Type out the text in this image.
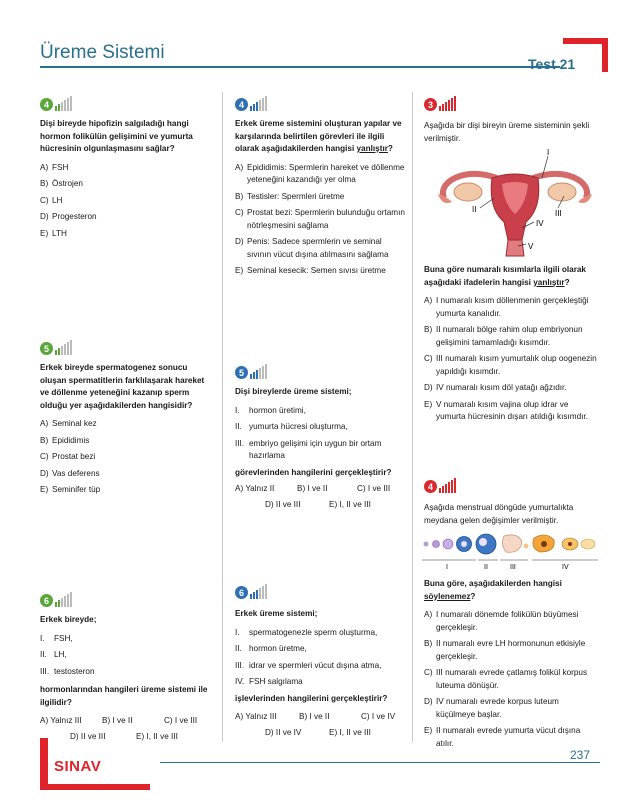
Üreme Sistemi
Test 21
4
Dişi bireyde hipofizin salgıladığı hangi hormon folikülün gelişimini ve yumurta hücresinin olgunlaşmasını sağlar?
A) FSH
B) Östrojen
C) LH
D) Progesteron
E) LTH
5
Erkek bireyde spermatogenez sonucu oluşan spermatitlerin farklılaşarak hareket ve döllenme yeteneğini kazanıp sperm olduğu yer aşağıdakilerden hangisidir?
A) Seminal kez
B) Epididimis
C) Prostat bezi
D) Vas deferens
E) Seminifer tüp
6
Erkek bireyde;
I.	FSH,
II. LH,
III. testosteron
hormonlarından hangileri üreme sistemi ile ilgilidir?
A) Yalnız III	B) I ve II	C) I ve III
D) II ve III	E) I, II ve III
4
Erkek üreme sistemini oluşturan yapılar ve karşılarında belirtilen görevleri ile ilgili olarak aşağıdakilerden hangisi yanlıştır?
A) Epididimis: Spermlerin hareket ve döllenme yeteneğini kazandığı yer olma
B) Testisler: Spermleri üretme
C) Prostat bezi: Spermlerin bulunduğu ortamın nötrleşmesini sağlama
D) Penis: Sadece spermlerin ve seminal sıvının vücut dışına atılmasını sağlama
E) Seminal kesecik: Semen sıvısı üretme
5
Dişi bireylerde üreme sistemi;
I.	hormon üretimi,
II. yumurta hücresi oluşturma,
III. embriyo gelişimi için uygun bir ortam hazırlama
görevlerinden hangilerini gerçekleştirir?
A) Yalnız II	B) I ve II	C) I ve III
D) II ve III	E) I, II ve III
6
Erkek üreme sistemi;
I.	spermatogenezle sperm oluşturma,
II. hormon üretme,
III. idrar ve spermleri vücut dışına atma,
IV. FSH salgılama
işlevlerinden hangilerini gerçekleştirir?
A) Yalnız III	B) I ve II	C) I ve IV
D) II ve IV	E) I, II ve III
3
Aşağıda bir dişi bireyin üreme sisteminin şekli verilmiştir.
I
II	III
IV
V
Buna göre numaralı kısımlarla ilgili olarak aşağıdaki ifadelerin hangisi yanlıştır?
A) I numaralı kısım döllenmenin gerçekleştiği yumurta kanalıdır.
B) II numaralı bölge rahim olup embriyonun gelişimini tamamladığı kısımdır.
C) III numaralı kısım yumurtalık olup oogenezin yapıldığı kısımdır.
D) IV numaralı kısım döl yatağı ağzıdır.
E) V numaralı kısım vajina olup idrar ve yumurta hücresinin dışarı atıldığı kısımdır.
4
Aşağıda menstrual döngüde yumurtalıkta meydana gelen değişimler verilmiştir.
I	II	III	IV
Buna göre, aşağıdakilerden hangisi söylenemez?
A) I numaralı dönemde folikülün büyümesi gerçekleşir.
B) II numaralı evre LH hormonunun etkisiyle gerçekleşir.
C) III numaralı evrede çatlamış folikül korpus luteuma dönüşür.
D) IV numaralı evrede korpus luteum küçülmeye başlar.
E) II numaralı evrede yumurta vücut dışına atılır.
SINAV
237
